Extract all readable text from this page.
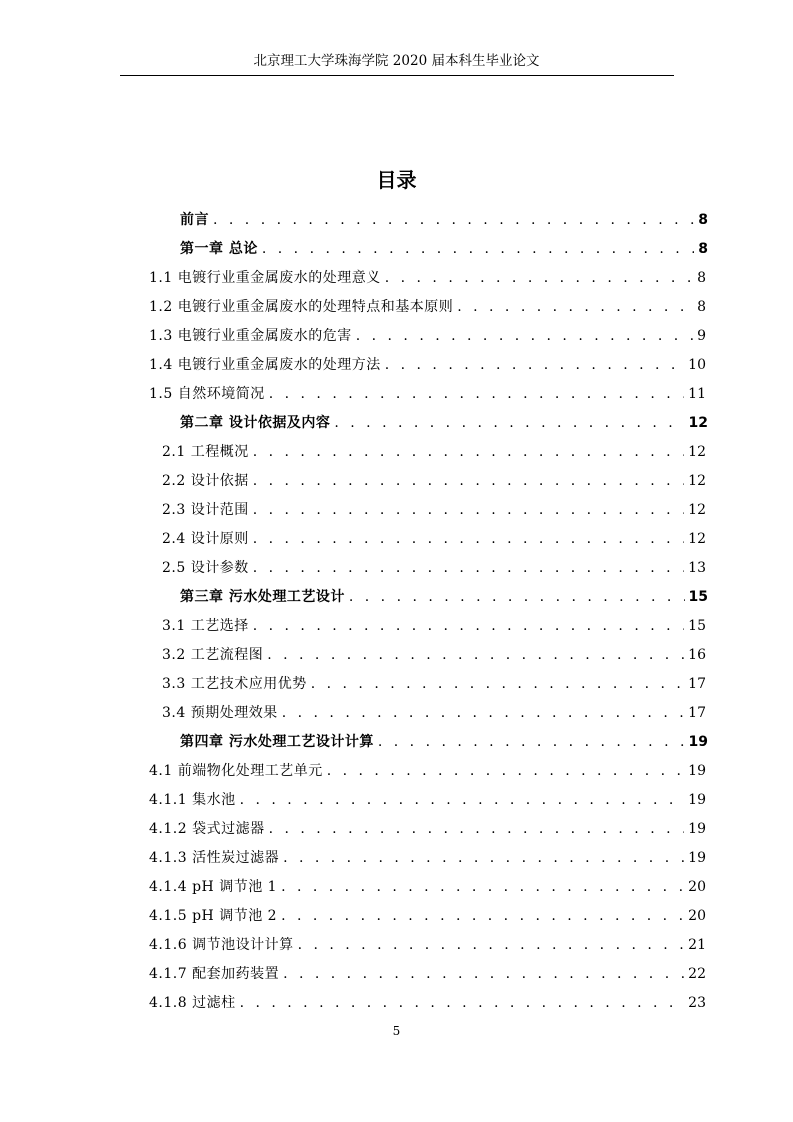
北京理工大学珠海学院 2020 届本科生毕业论文
目录
前言 . . .	8
第一章 总论 . . .	8
1.1 电镀行业重金属废水的处理意义 . . .	8
1.2 电镀行业重金属废水的处理特点和基本原则 . . .	8
1.3 电镀行业重金属废水的危害 . . .	9
1.4 电镀行业重金属废水的处理方法 . . .	10
1.5 自然环境简况 . . .	11
第二章 设计依据及内容 . . .	12
2.1 工程概况 . . .	12
2.2 设计依据 . . .	12
2.3 设计范围 . . .	12
2.4 设计原则 . . .	12
2.5 设计参数 . . .	13
第三章 污水处理工艺设计 . . .	15
3.1 工艺选择 . . .	15
3.2 工艺流程图 . . .	16
3.3 工艺技术应用优势 . . .	17
3.4 预期处理效果 . . .	17
第四章 污水处理工艺设计计算 . . .	19
4.1 前端物化处理工艺单元 . . .	19
4.1.1 集水池 . . .	19
4.1.2 袋式过滤器 . . .	19
4.1.3 活性炭过滤器 . . .	19
4.1.4 pH 调节池 1 . . .	20
4.1.5 pH 调节池 2 . . .	20
4.1.6 调节池设计计算 . . .	21
4.1.7 配套加药装置 . . .	22
4.1.8 过滤柱 . . .	23
5
